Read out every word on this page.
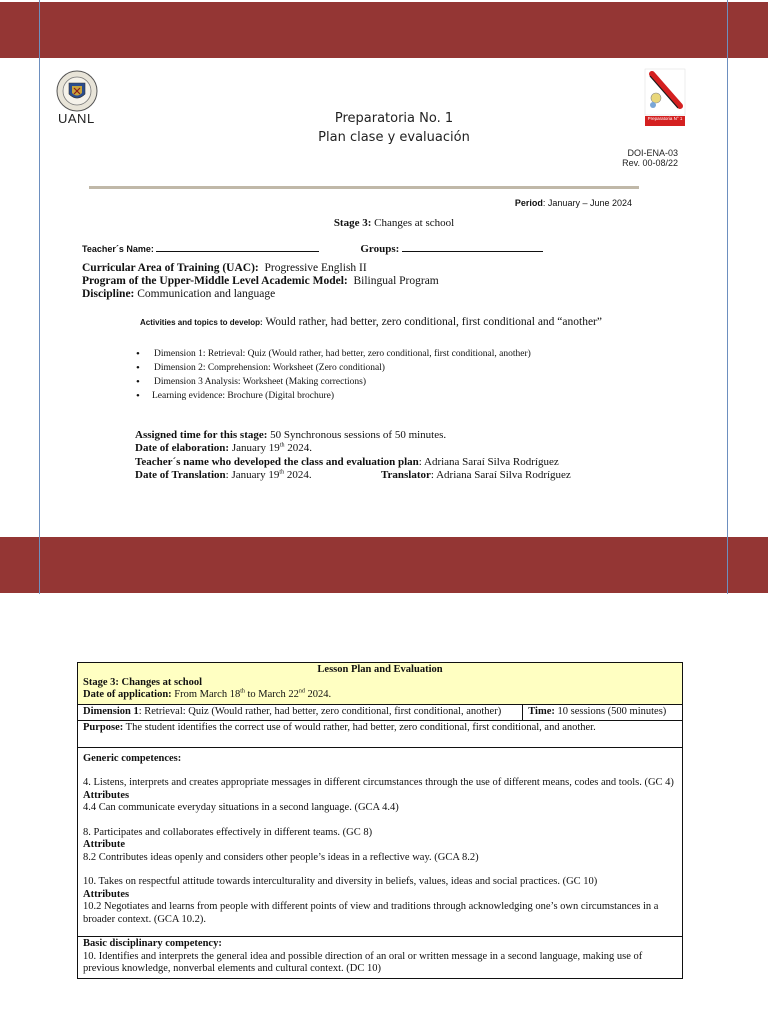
UANL	Preparatoria N° 1
Preparatoria No. 1
Plan clase y evaluación
DOI-ENA-03
Rev. 00-08/22
Period: January – June 2024
Stage 3: Changes at school
Teacher´s Name:	Groups:
Curricular Area of Training (UAC): Progressive English II
Program of the Upper-Middle Level Academic Model: Bilingual Program
Discipline: Communication and language
Activities and topics to develop: Would rather, had better, zero conditional, first conditional and “another”
• Dimension 1: Retrieval: Quiz (Would rather, had better, zero conditional, first conditional, another)
• Dimension 2: Comprehension: Worksheet (Zero conditional)
• Dimension 3 Analysis: Worksheet (Making corrections)
• Learning evidence: Brochure (Digital brochure)
Assigned time for this stage: 50 Synchronous sessions of 50 minutes.
Date of elaboration: January 19th 2024.
Teacher´s name who developed the class and evaluation plan: Adriana Saraí Silva Rodríguez
Date of Translation: January 19th 2024.	Translator: Adriana Saraí Silva Rodríguez
Lesson Plan and Evaluation
Stage 3: Changes at school
Date of application: From March 18th to March 22nd 2024.

Dimension 1: Retrieval: Quiz (Would rather, had better, zero conditional, first conditional, another)	Time: 10 sessions (500 minutes)
Purpose: The student identifies the correct use of would rather, had better, zero conditional, first conditional, and another.

Generic competences:
4. Listens, interprets and creates appropriate messages in different circumstances through the use of different means, codes and tools. (GC 4)
Attributes
4.4 Can communicate everyday situations in a second language. (GCA 4.4)
8. Participates and collaborates effectively in different teams. (GC 8)
Attribute
8.2 Contributes ideas openly and considers other people’s ideas in a reflective way. (GCA 8.2)
10. Takes on respectful attitude towards interculturality and diversity in beliefs, values, ideas and social practices. (GC 10)
Attributes
10.2 Negotiates and learns from people with different points of view and traditions through acknowledging one’s own circumstances in a broader context. (GCA 10.2).

Basic disciplinary competency:
10. Identifies and interprets the general idea and possible direction of an oral or written message in a second language, making use of previous knowledge, nonverbal elements and cultural context. (DC 10)
